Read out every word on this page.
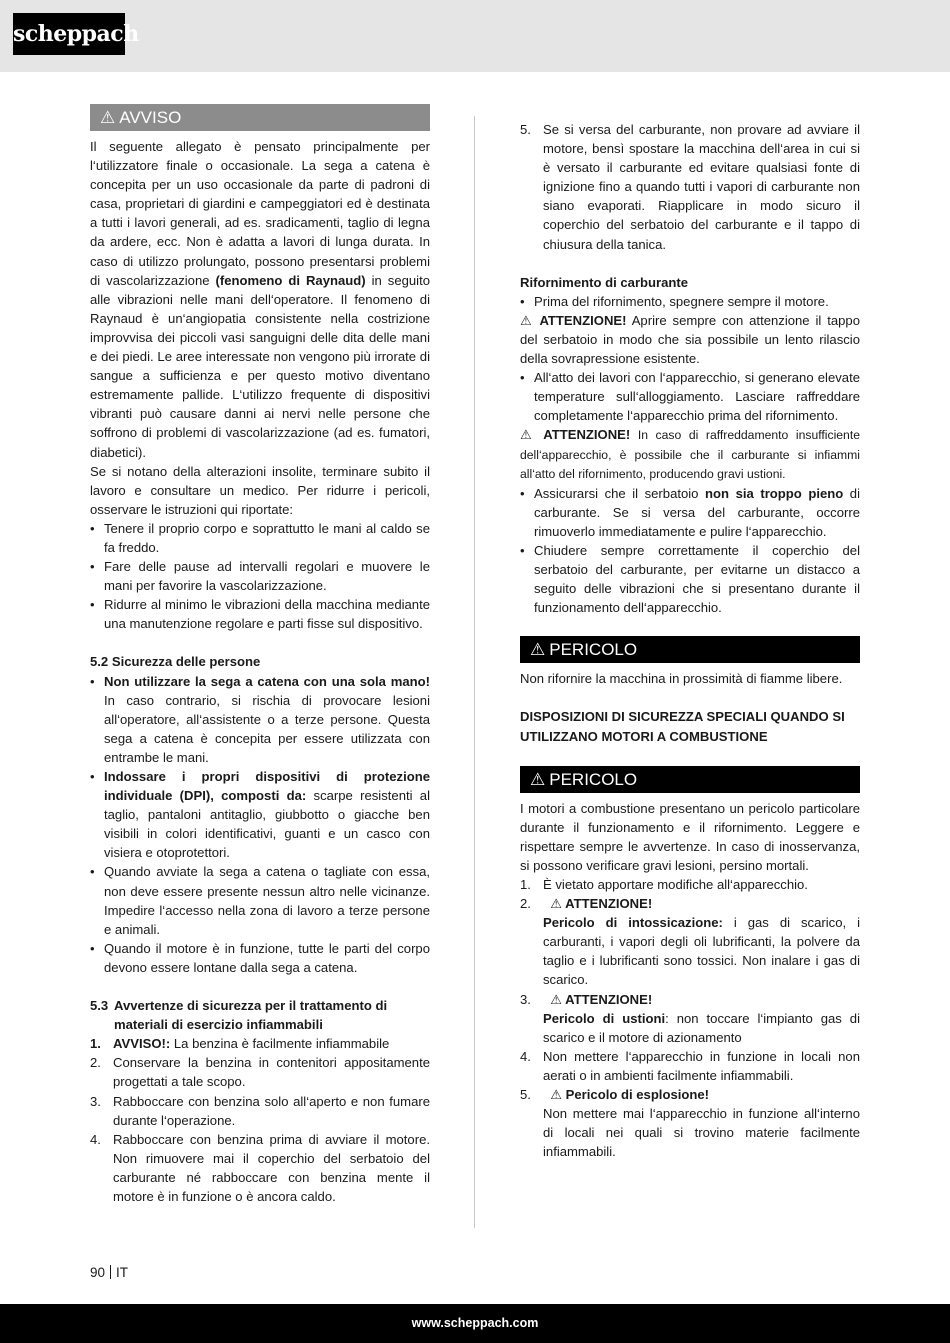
scheppach
⚠ AVVISO

Il seguente allegato è pensato principalmente per l‘utilizzatore finale o occasionale. La sega a catena è concepita per un uso occasionale da parte di padroni di casa, proprietari di giardini e campeggiatori ed è destinata a tutti i lavori generali, ad es. sradicamenti, taglio di legna da ardere, ecc. Non è adatta a lavori di lunga durata. In caso di utilizzo prolungato, possono presentarsi problemi di vascolarizzazione (fenomeno di Raynaud) in seguito alle vibrazioni nelle mani dell‘operatore. Il fenomeno di Raynaud è un‘angiopatia consistente nella costrizione improvvisa dei piccoli vasi sanguigni delle dita delle mani e dei piedi. Le aree interessate non vengono più irrorate di sangue a sufficienza e per questo motivo diventano estremamente pallide. L‘utilizzo frequente di dispositivi vibranti può causare danni ai nervi nelle persone che soffrono di problemi di vascolarizzazione (ad es. fumatori, diabetici).

Se si notano della alterazioni insolite, terminare subito il lavoro e consultare un medico. Per ridurre i pericoli, osservare le istruzioni qui riportate:

• Tenere il proprio corpo e soprattutto le mani al caldo se fa freddo.
• Fare delle pause ad intervalli regolari e muovere le mani per favorire la vascolarizzazione.
• Ridurre al minimo le vibrazioni della macchina mediante una manutenzione regolare e parti fisse sul dispositivo.
5.2 Sicurezza delle persone
• Non utilizzare la sega a catena con una sola mano! In caso contrario, si rischia di provocare lesioni all‘operatore, all‘assistente o a terze persone. Questa sega a catena è concepita per essere utilizzata con entrambe le mani.
• Indossare i propri dispositivi di protezione individuale (DPI), composti da: scarpe resistenti al taglio, pantaloni antitaglio, giubbotto o giacche ben visibili in colori identificativi, guanti e un casco con visiera e otoprotettori.
• Quando avviate la sega a catena o tagliate con essa, non deve essere presente nessun altro nelle vicinanze. Impedire l‘accesso nella zona di lavoro a terze persone e animali.
• Quando il motore è in funzione, tutte le parti del corpo devono essere lontane dalla sega a catena.
5.3 Avvertenze di sicurezza per il trattamento di materiali di esercizio infiammabili
1. AVVISO!: La benzina è facilmente infiammabile
2. Conservare la benzina in contenitori appositamente progettati a tale scopo.
3. Rabboccare con benzina solo all‘aperto e non fumare durante l‘operazione.
4. Rabboccare con benzina prima di avviare il motore. Non rimuovere mai il coperchio del serbatoio del carburante né rabboccare con benzina mente il motore è in funzione o è ancora caldo.
5. Se si versa del carburante, non provare ad avviare il motore, bensì spostare la macchina dell‘area in cui si è versato il carburante ed evitare qualsiasi fonte di ignizione fino a quando tutti i vapori di carburante non siano evaporati. Riapplicare in modo sicuro il coperchio del serbatoio del carburante e il tappo di chiusura della tanica.
Rifornimento di carburante
• Prima del rifornimento, spegnere sempre il motore.

⚠ ATTENZIONE! Aprire sempre con attenzione il tappo del serbatoio in modo che sia possibile un lento rilascio della sovrapressione esistente.

• All‘atto dei lavori con l‘apparecchio, si generano elevate temperature sull‘alloggiamento. Lasciare raffreddare completamente l‘apparecchio prima del rifornimento.

⚠ ATTENZIONE! In caso di raffreddamento insufficiente dell‘apparecchio, è possibile che il carburante si infiammi all‘atto del rifornimento, producendo gravi ustioni.

• Assicurarsi che il serbatoio non sia troppo pieno di carburante. Se si versa del carburante, occorre rimuoverlo immediatamente e pulire l‘apparecchio.
• Chiudere sempre correttamente il coperchio del serbatoio del carburante, per evitarne un distacco a seguito delle vibrazioni che si presentano durante il funzionamento dell‘apparecchio.
⚠ PERICOLO

Non rifornire la macchina in prossimità di fiamme libere.

DISPOSIZIONI DI SICUREZZA SPECIALI QUANDO SI UTILIZZANO MOTORI A COMBUSTIONE

⚠ PERICOLO

I motori a combustione presentano un pericolo particolare durante il funzionamento e il rifornimento. Leggere e rispettare sempre le avvertenze. In caso di inosservanza, si possono verificare gravi lesioni, persino mortali.

1. È vietato apportare modifiche all‘apparecchio.
2. ⚠ ATTENZIONE!
Pericolo di intossicazione: i gas di scarico, i carburanti, i vapori degli oli lubrificanti, la polvere da taglio e i lubrificanti sono tossici. Non inalare i gas di scarico.
3. ⚠ ATTENZIONE!
Pericolo di ustioni: non toccare l‘impianto gas di scarico e il motore di azionamento
4. Non mettere l‘apparecchio in funzione in locali non aerati o in ambienti facilmente infiammabili.
5. ⚠ Pericolo di esplosione!
Non mettere mai l‘apparecchio in funzione all‘interno di locali nei quali si trovino materie facilmente infiammabili.
90 IT
www.scheppach.com
